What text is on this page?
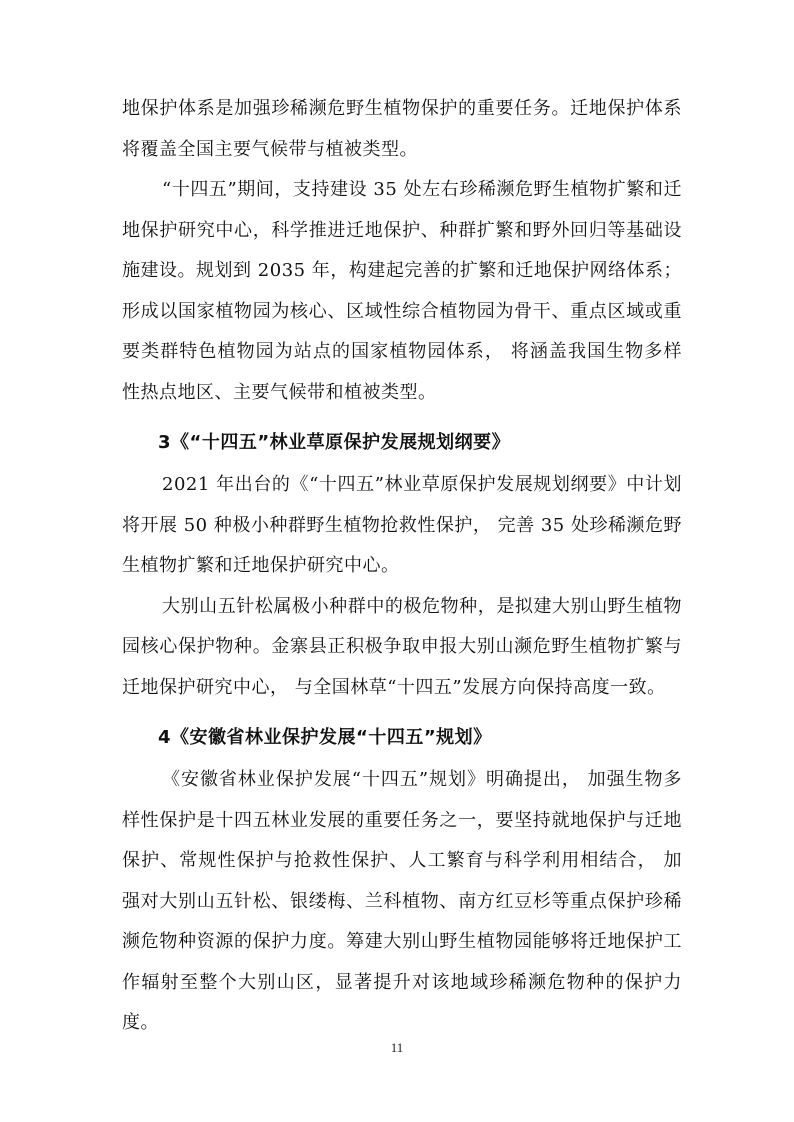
地保护体系是加强珍稀濒危野生植物保护的重要任务。迁地保护体系将覆盖全国主要气候带与植被类型。

“十四五”期间，支持建设 35 处左右珍稀濒危野生植物扩繁和迁地保护研究中心，科学推进迁地保护、种群扩繁和野外回归等基础设施建设。规划到 2035 年，构建起完善的扩繁和迁地保护网络体系；形成以国家植物园为核心、区域性综合植物园为骨干、重点区域或重要类群特色植物园为站点的国家植物园体系， 将涵盖我国生物多样性热点地区、主要气候带和植被类型。

3《“十四五”林业草原保护发展规划纲要》

2021 年出台的《“十四五”林业草原保护发展规划纲要》中计划将开展 50 种极小种群野生植物抢救性保护， 完善 35 处珍稀濒危野生植物扩繁和迁地保护研究中心。

大别山五针松属极小种群中的极危物种，是拟建大别山野生植物园核心保护物种。金寨县正积极争取申报大别山濒危野生植物扩繁与迁地保护研究中心， 与全国林草“十四五”发展方向保持高度一致。

4《安徽省林业保护发展“十四五”规划》

《安徽省林业保护发展“十四五”规划》明确提出， 加强生物多样性保护是十四五林业发展的重要任务之一，要坚持就地保护与迁地保护、常规性保护与抢救性保护、人工繁育与科学利用相结合， 加强对大别山五针松、银缕梅、兰科植物、南方红豆杉等重点保护珍稀濒危物种资源的保护力度。筹建大别山野生植物园能够将迁地保护工作辐射至整个大别山区，显著提升对该地域珍稀濒危物种的保护力度。

11
